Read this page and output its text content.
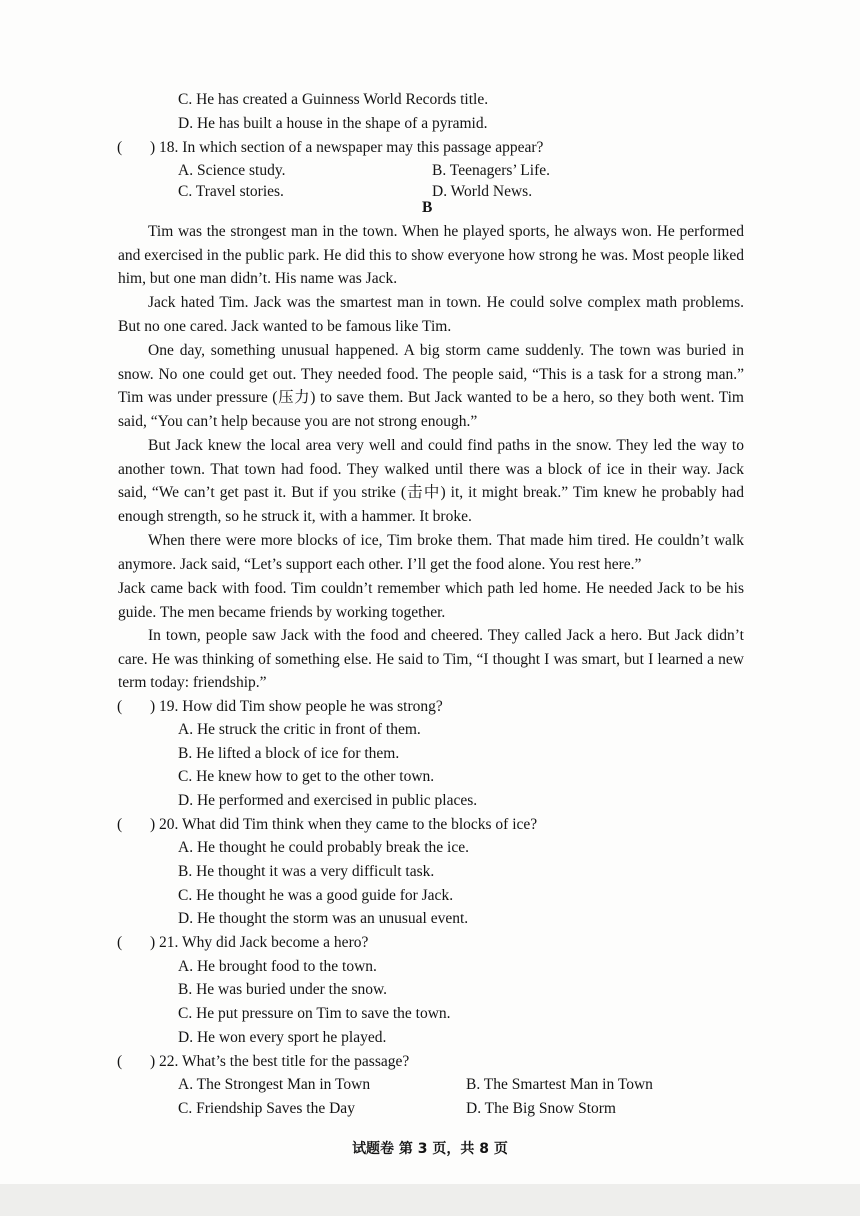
C. He has created a Guinness World Records title.
D. He has built a house in the shape of a pyramid.
( ) 18. In which section of a newspaper may this passage appear?
A. Science study.	B. Teenagers’ Life.
C. Travel stories.	D. World News.
B
Tim was the strongest man in the town. When he played sports, he always won. He performed and exercised in the public park. He did this to show everyone how strong he was. Most people liked him, but one man didn’t. His name was Jack.
Jack hated Tim. Jack was the smartest man in town. He could solve complex math problems. But no one cared. Jack wanted to be famous like Tim.
One day, something unusual happened. A big storm came suddenly. The town was buried in snow. No one could get out. They needed food. The people said, “This is a task for a strong man.” Tim was under pressure (压力) to save them. But Jack wanted to be a hero, so they both went. Tim said, “You can’t help because you are not strong enough.”
But Jack knew the local area very well and could find paths in the snow. They led the way to another town. That town had food. They walked until there was a block of ice in their way. Jack said, “We can’t get past it. But if you strike (击中) it, it might break.” Tim knew he probably had enough strength, so he struck it, with a hammer. It broke.
When there were more blocks of ice, Tim broke them. That made him tired. He couldn’t walk anymore. Jack said, “Let’s support each other. I’ll get the food alone. You rest here.”
Jack came back with food. Tim couldn’t remember which path led home. He needed Jack to be his guide. The men became friends by working together.
In town, people saw Jack with the food and cheered. They called Jack a hero. But Jack didn’t care. He was thinking of something else. He said to Tim, “I thought I was smart, but I learned a new term today: friendship.”
( ) 19. How did Tim show people he was strong?
A. He struck the critic in front of them.
B. He lifted a block of ice for them.
C. He knew how to get to the other town.
D. He performed and exercised in public places.
( ) 20. What did Tim think when they came to the blocks of ice?
A. He thought he could probably break the ice.
B. He thought it was a very difficult task.
C. He thought he was a good guide for Jack.
D. He thought the storm was an unusual event.
( ) 21. Why did Jack become a hero?
A. He brought food to the town.
B. He was buried under the snow.
C. He put pressure on Tim to save the town.
D. He won every sport he played.
( ) 22. What’s the best title for the passage?
A. The Strongest Man in Town	B. The Smartest Man in Town
C. Friendship Saves the Day	D. The Big Snow Storm
试题卷 第 3 页，共 8 页
